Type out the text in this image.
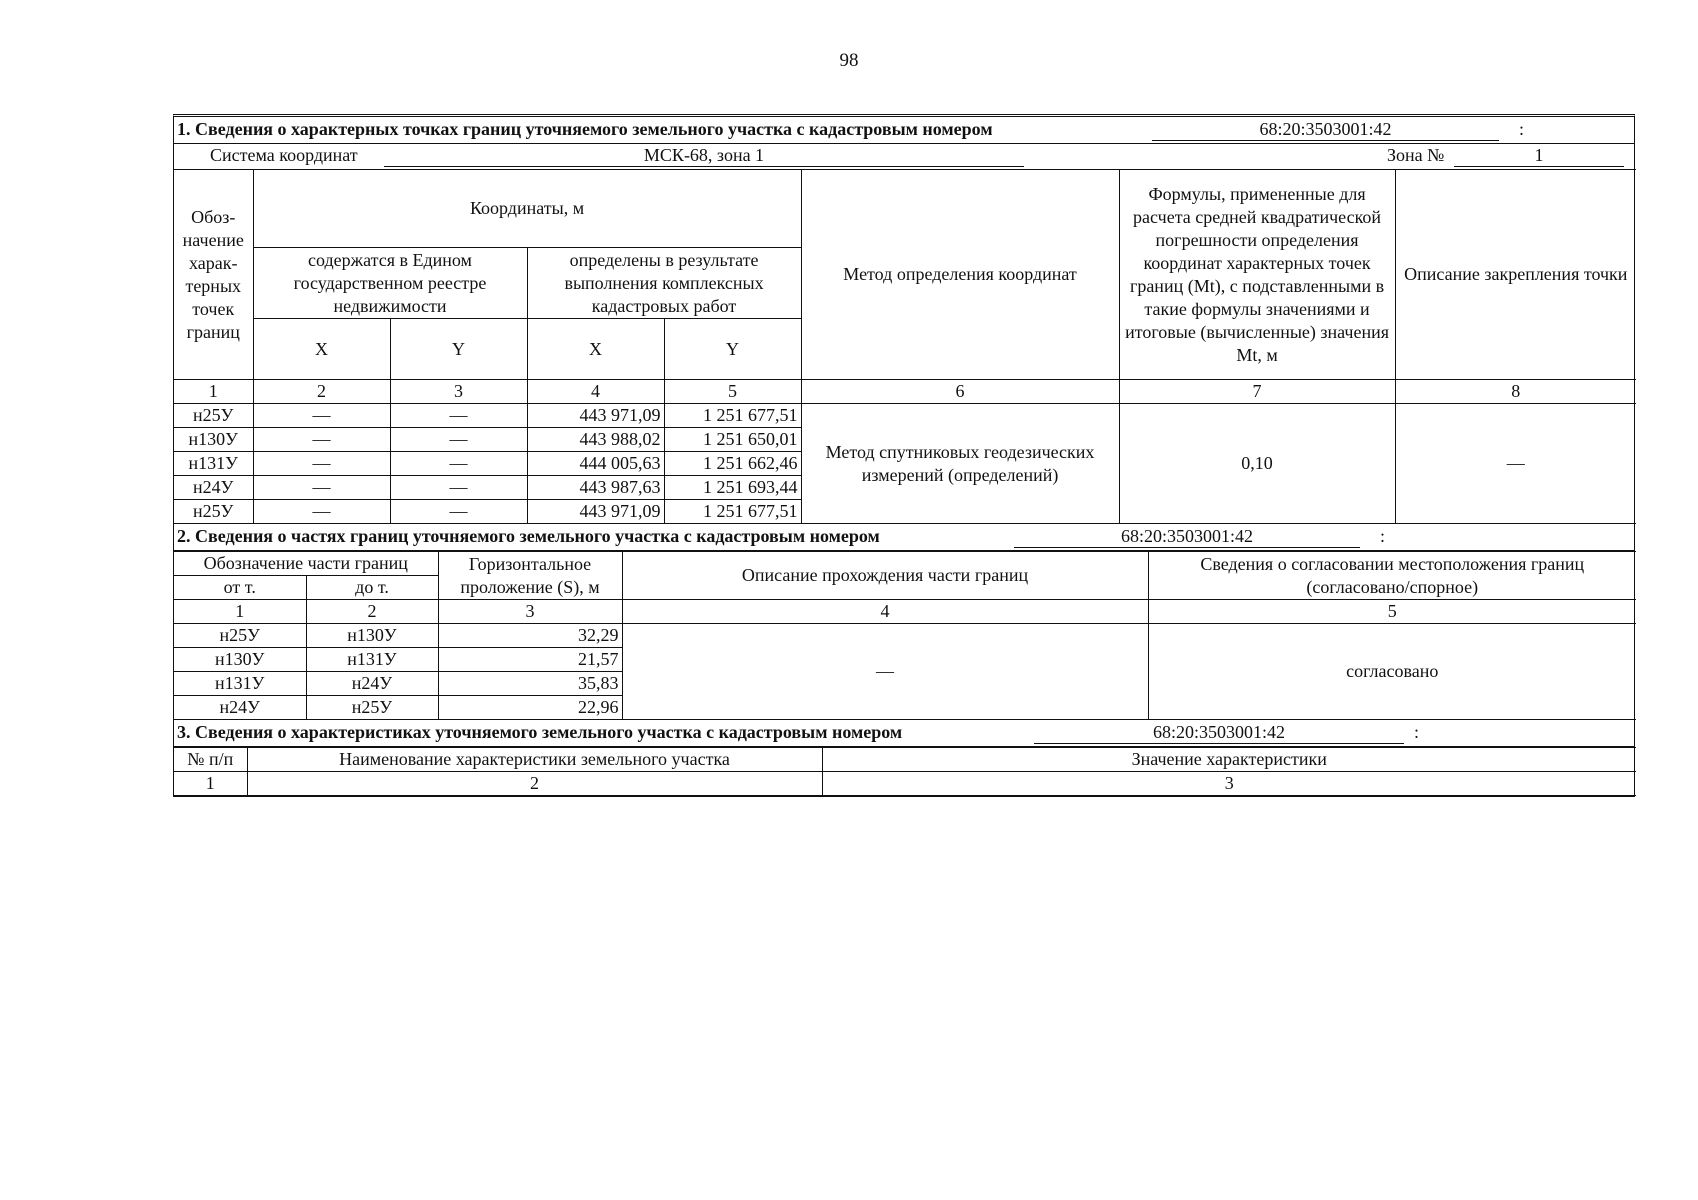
98
1. Сведения о характерных точках границ уточняемого земельного участка с кадастровым номером	68:20:3503001:42	:
Система координат	МСК-68, зона 1	Зона №	1
Обоз-начение харак-терных точек границ	Координаты, м				Метод определения координат	Формулы, примененные для расчета средней квадратической погрешности определения координат характерных точек границ (Mt), с подставленными в такие формулы значениями и итоговые (вычисленные) значения Mt, м	Описание закрепления точки
	содержатся в Едином государственном реестре недвижимости		определены в результате выполнения комплексных кадастровых работ				
	X	Y	X	Y			
1	2	3	4	5	6	7	8
н25У	—	—	443 971,09	1 251 677,51	Метод спутниковых геодезических измерений (определений)	0,10	—
н130У	—	—	443 988,02	1 251 650,01			
н131У	—	—	444 005,63	1 251 662,46			
н24У	—	—	443 987,63	1 251 693,44			
н25У	—	—	443 971,09	1 251 677,51			
2. Сведения о частях границ уточняемого земельного участка с кадастровым номером	68:20:3503001:42	:
Обозначение части границ		Горизонтальное проложение (S), м	Описание прохождения части границ	Сведения о согласовании местоположения границ (согласовано/спорное)
от т.	до т.			
1	2	3	4	5
н25У	н130У	32,29	—	согласовано
н130У	н131У	21,57		
н131У	н24У	35,83		
н24У	н25У	22,96		
3. Сведения о характеристиках уточняемого земельного участка с кадастровым номером	68:20:3503001:42	:
№ п/п	Наименование характеристики земельного участка	Значение характеристики
1	2	3
